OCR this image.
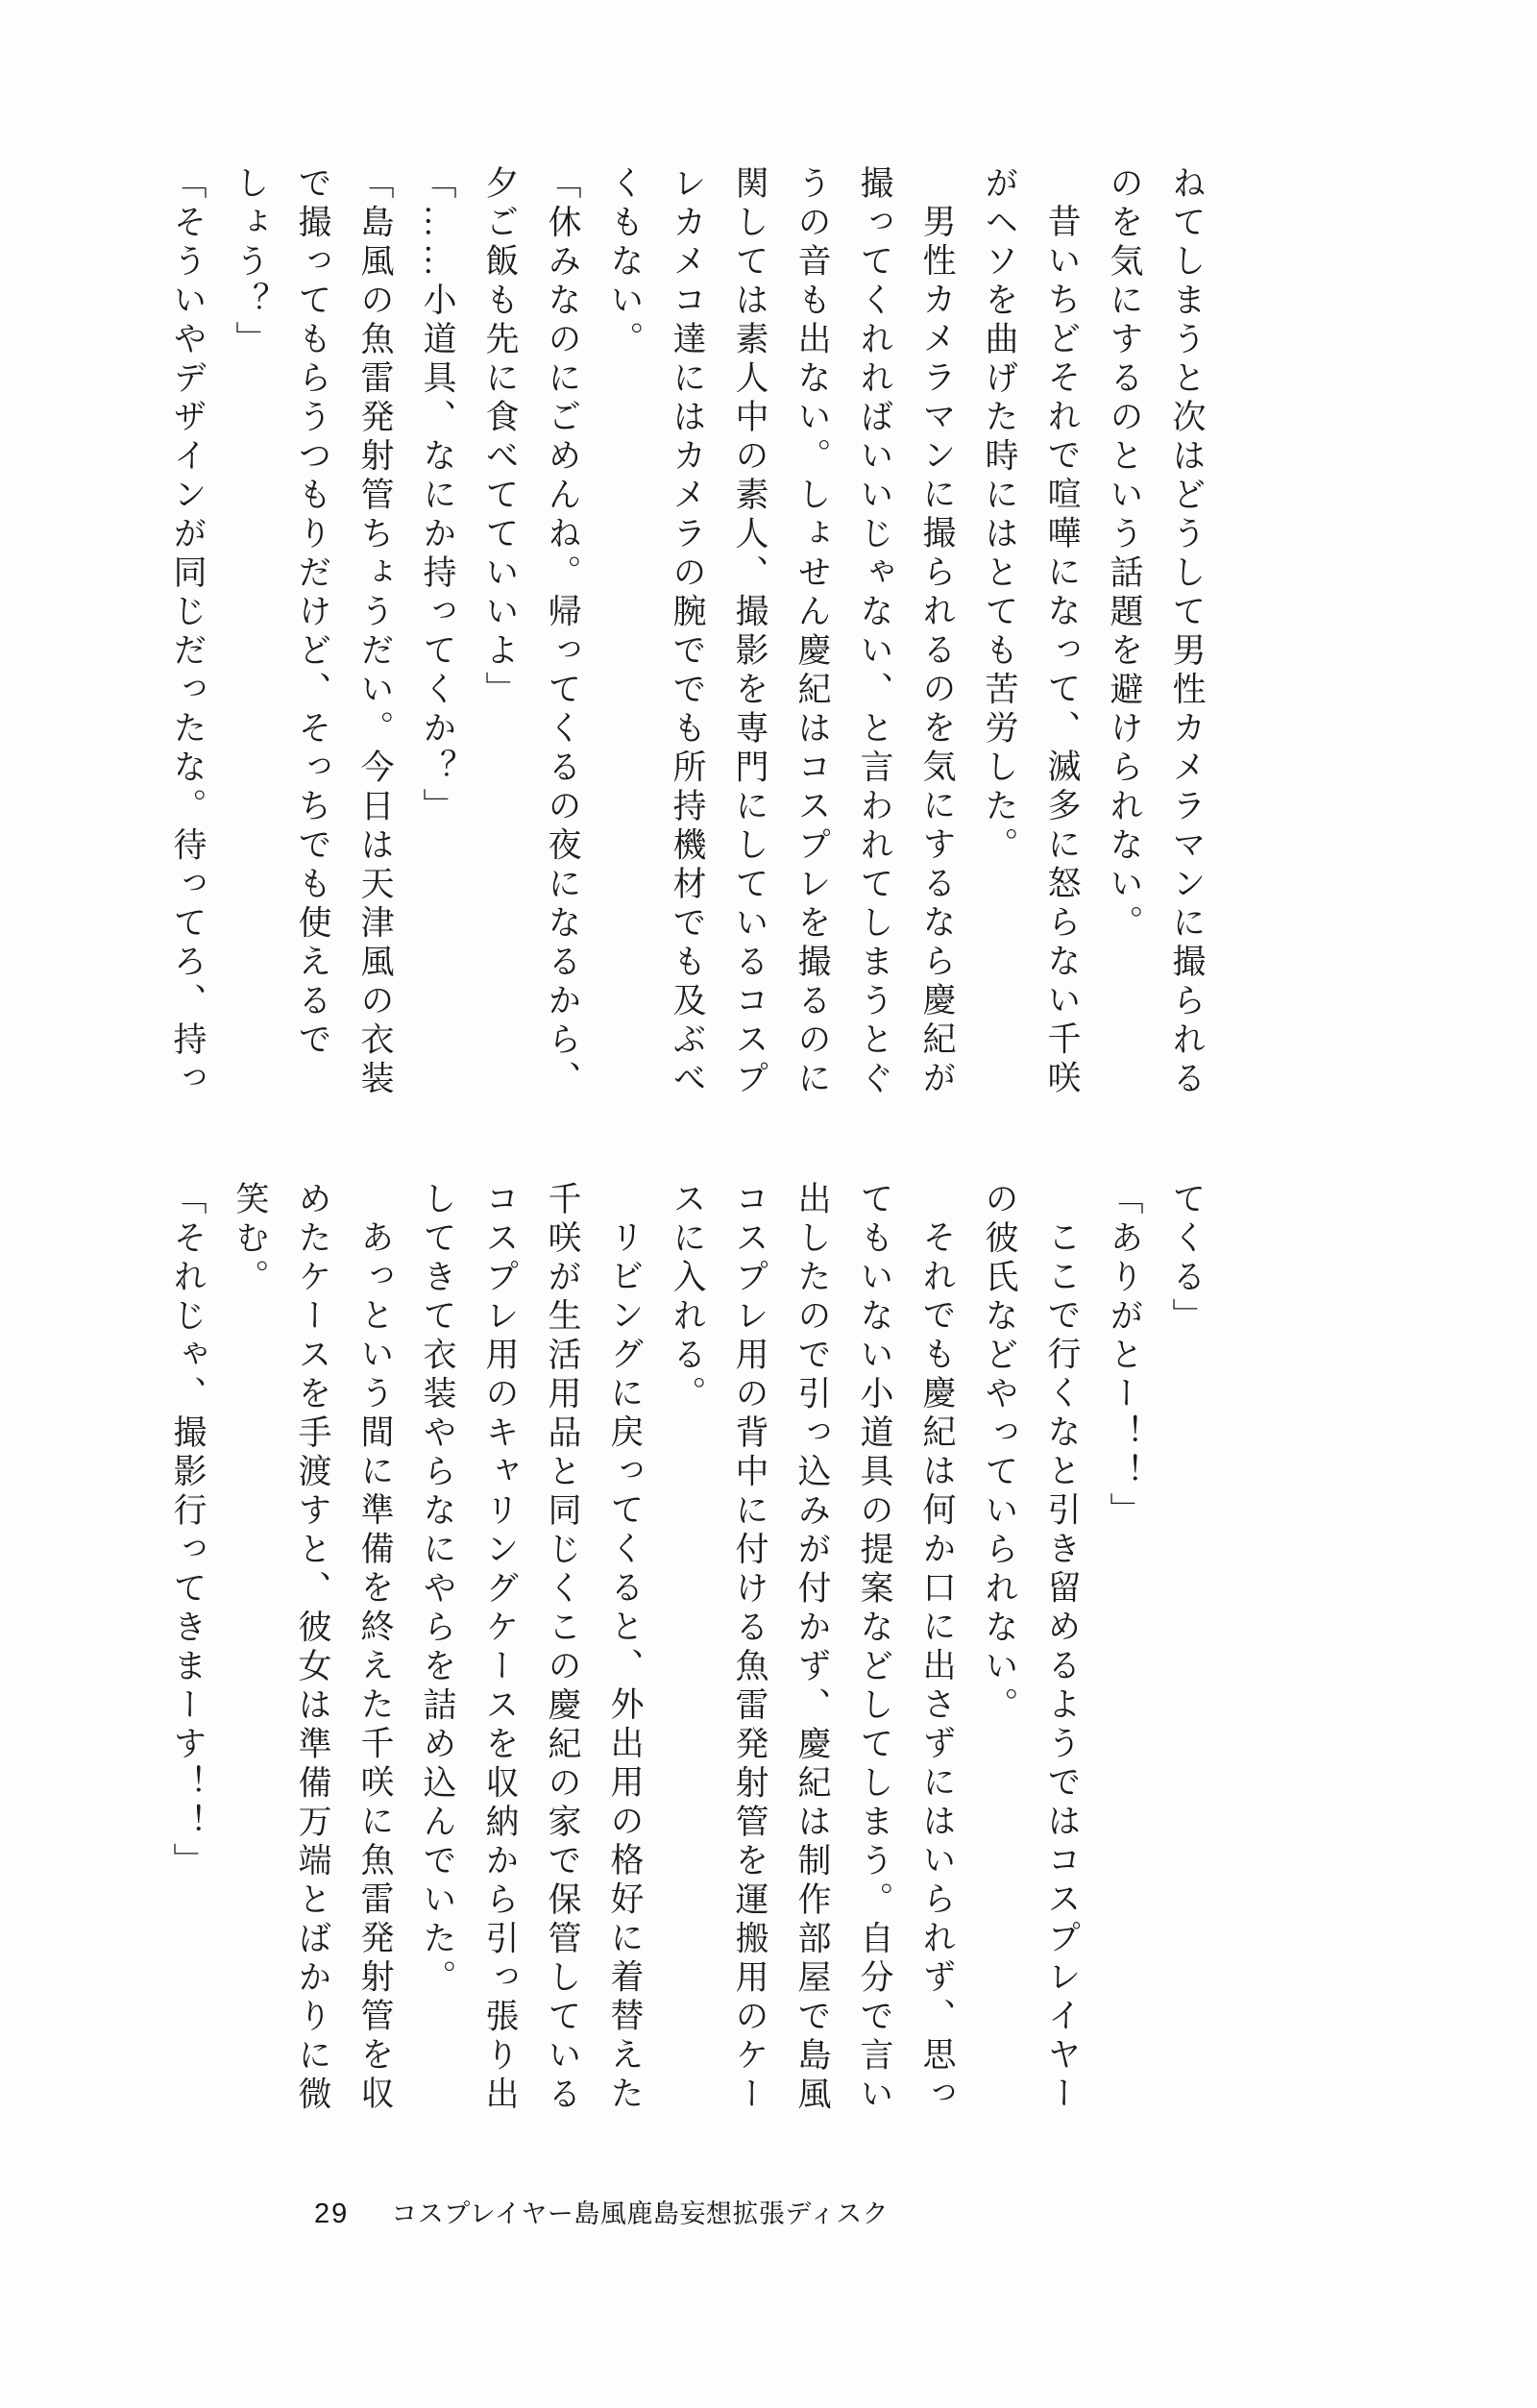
ねてしまうと次はどうして男性カメラマンに撮られる

のを気にするのという話題を避けられない。

昔いちどそれで喧嘩になって、滅多に怒らない千咲

がヘソを曲げた時にはとても苦労した。

男性カメラマンに撮られるのを気にするなら慶紀が

撮ってくれればいいじゃない、と言われてしまうとぐ

うの音も出ない。しょせん慶紀はコスプレを撮るのに

関しては素人中の素人、撮影を専門にしているコスプ

レカメコ達にはカメラの腕ででも所持機材でも及ぶべ

くもない。

「休みなのにごめんね。帰ってくるの夜になるから、

夕ご飯も先に食べてていいよ」

「……小道具、なにか持ってくか？」

「島風の魚雷発射管ちょうだい。今日は天津風の衣装

で撮ってもらうつもりだけど、そっちでも使えるで

しょう？」

「そういやデザインが同じだったな。待ってろ、持っ

てくる」

「ありがとー！！」

ここで行くなと引き留めるようではコスプレイヤー

の彼氏などやっていられない。

それでも慶紀は何か口に出さずにはいられず、思っ

てもいない小道具の提案などしてしまう。自分で言い

出したので引っ込みが付かず、慶紀は制作部屋で島風

コスプレ用の背中に付ける魚雷発射管を運搬用のケー

スに入れる。

リビングに戻ってくると、外出用の格好に着替えた

千咲が生活用品と同じくこの慶紀の家で保管している

コスプレ用のキャリングケースを収納から引っ張り出

してきて衣装やらなにやらを詰め込んでいた。

あっという間に準備を終えた千咲に魚雷発射管を収

めたケースを手渡すと、彼女は準備万端とばかりに微

笑む。

「それじゃ、撮影行ってきまーす！！」

29 コスプレイヤー島風鹿島妄想拡張ディスク
